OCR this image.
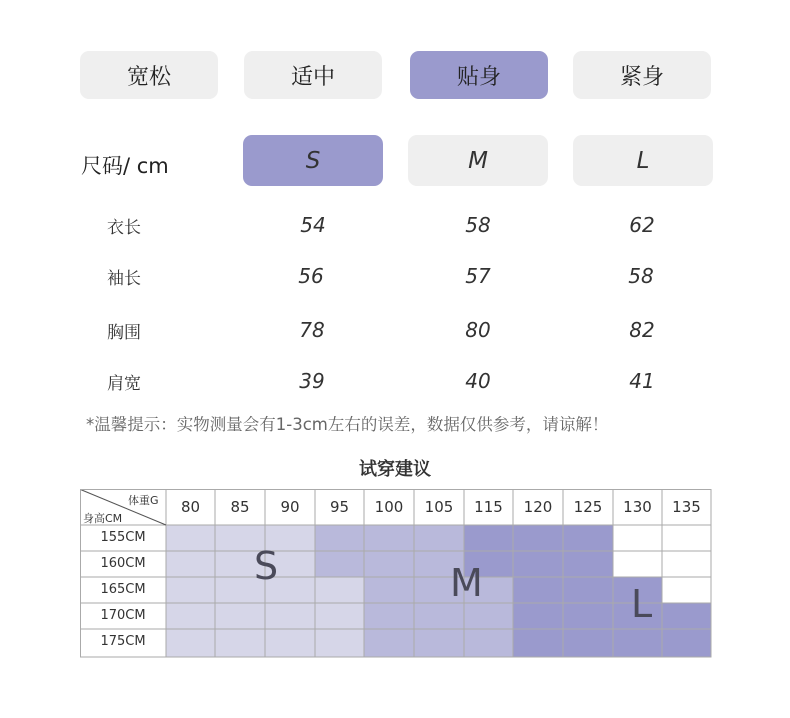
宽松	适中	贴身	紧身
尺码/ cm	S	M	L
衣长	54	58	62
袖长	56	57	58
胸围	78	80	82
肩宽	39	40	41
*温馨提示：实物测量会有1-3cm左右的误差，数据仅供参考，请谅解！
试穿建议
体重G
身高CM
80	85	90	95	100	105	115	120	125	130	135
155CM
160CM
165CM
170CM
175CM
S	M	L
